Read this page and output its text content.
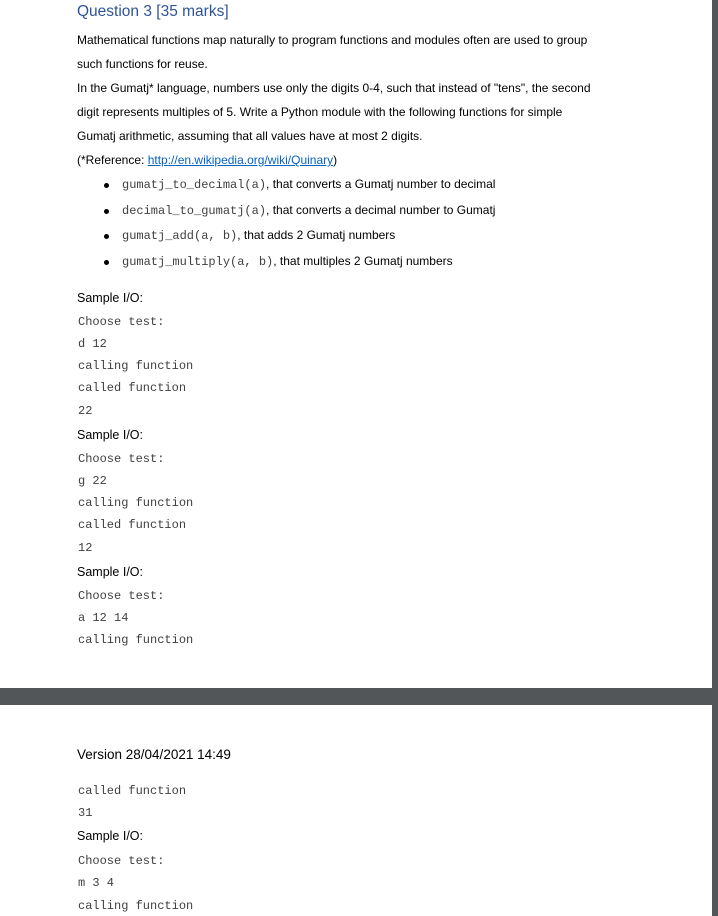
Question 3 [35 marks]
Mathematical functions map naturally to program functions and modules often are used to group
such functions for reuse.
In the Gumatj* language, numbers use only the digits 0-4, such that instead of "tens", the second
digit represents multiples of 5. Write a Python module with the following functions for simple
Gumatj arithmetic, assuming that all values have at most 2 digits.
(*Reference: http://en.wikipedia.org/wiki/Quinary)
gumatj_to_decimal(a), that converts a Gumatj number to decimal
decimal_to_gumatj(a), that converts a decimal number to Gumatj
gumatj_add(a, b), that adds 2 Gumatj numbers
gumatj_multiply(a, b), that multiples 2 Gumatj numbers
Sample I/O:
Choose test:
d 12
calling function
called function
22
Sample I/O:
Choose test:
g 22
calling function
called function
12
Sample I/O:
Choose test:
a 12 14
calling function
Version 28/04/2021 14:49
called function
31
Sample I/O:
Choose test:
m 3 4
calling function
